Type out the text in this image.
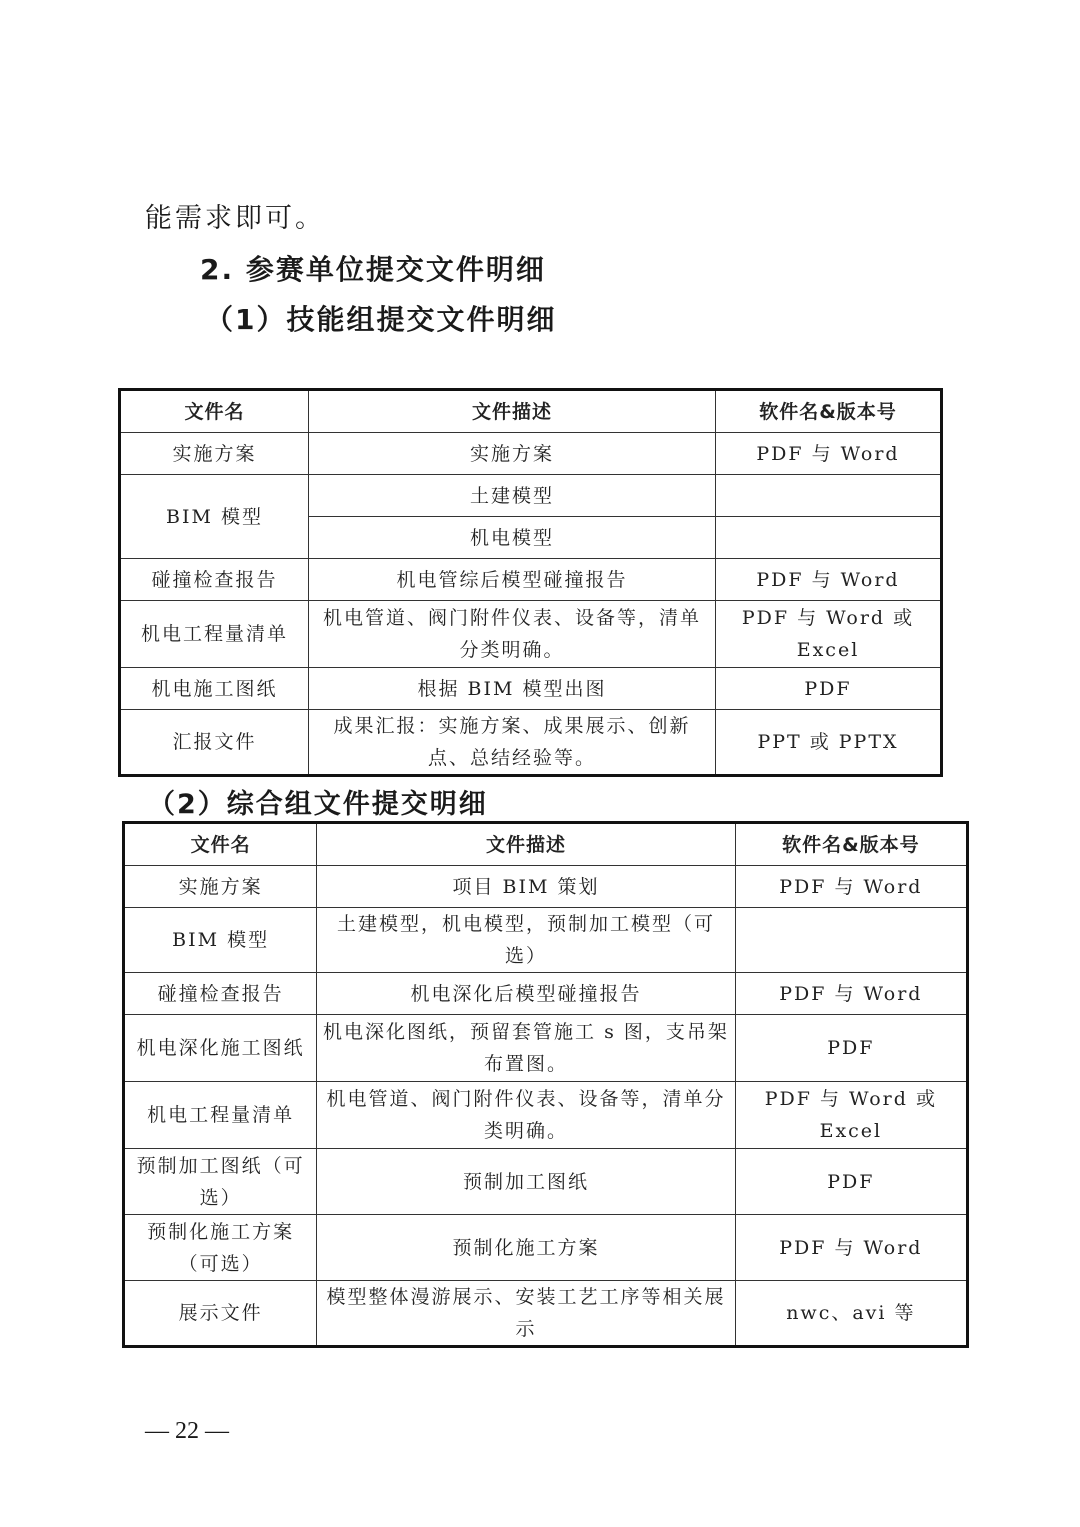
能需求即可。
2. 参赛单位提交文件明细
（1）技能组提交文件明细
文件名	文件描述	软件名&版本号
实施方案	实施方案	PDF 与 Word
BIM 模型	土建模型	
	机电模型	
碰撞检查报告	机电管综后模型碰撞报告	PDF 与 Word
机电工程量清单	机电管道、阀门附件仪表、设备等，清单分类明确。	PDF 与 Word 或 Excel
机电施工图纸	根据 BIM 模型出图	PDF
汇报文件	成果汇报：实施方案、成果展示、创新点、总结经验等。	PPT 或 PPTX
（2）综合组文件提交明细
文件名	文件描述	软件名&版本号
实施方案	项目 BIM 策划	PDF 与 Word
BIM 模型	土建模型，机电模型，预制加工模型（可选）	
碰撞检查报告	机电深化后模型碰撞报告	PDF 与 Word
机电深化施工图纸	机电深化图纸，预留套管施工 s 图，支吊架布置图。	PDF
机电工程量清单	机电管道、阀门附件仪表、设备等，清单分类明确。	PDF 与 Word 或 Excel
预制加工图纸（可选）	预制加工图纸	PDF
预制化施工方案（可选）	预制化施工方案	PDF 与 Word
展示文件	模型整体漫游展示、安装工艺工序等相关展示	nwc、avi 等
— 22 —
